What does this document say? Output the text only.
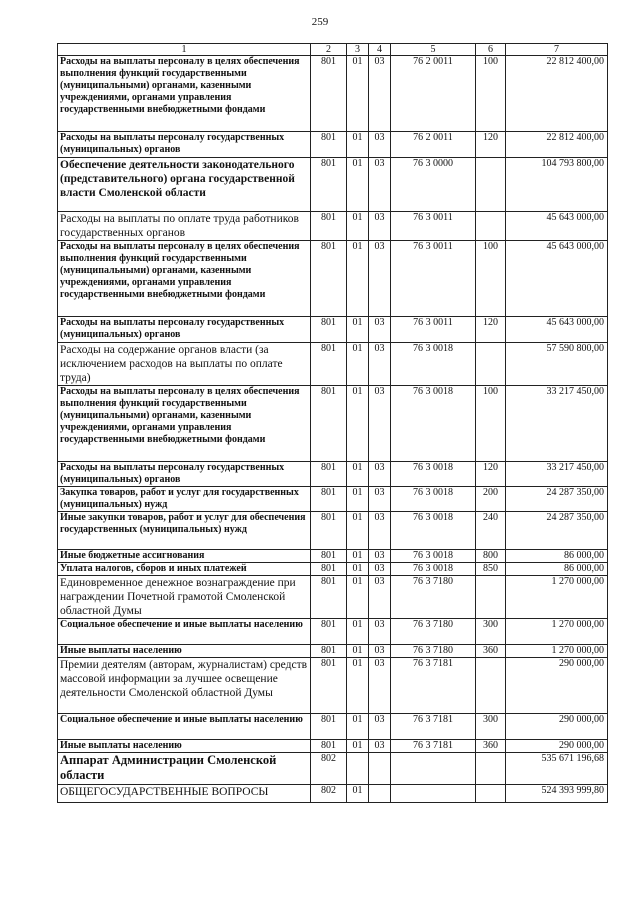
259
1	2	3	4	5	6	7
Расходы на выплаты персоналу в целях обеспечения выполнения функций государственными (муниципальными) органами, казенными учреждениями, органами управления государственными внебюджетными фондами	801	01	03	76 2 0011	100	22 812 400,00
Расходы на выплаты персоналу государственных (муниципальных) органов	801	01	03	76 2 0011	120	22 812 400,00
Обеспечение деятельности законодательного (представительного) органа государственной власти Смоленской области	801	01	03	76 3 0000		104 793 800,00
Расходы на выплаты по оплате труда работников государственных органов	801	01	03	76 3 0011		45 643 000,00
Расходы на выплаты персоналу в целях обеспечения выполнения функций государственными (муниципальными) органами, казенными учреждениями, органами управления государственными внебюджетными фондами	801	01	03	76 3 0011	100	45 643 000,00
Расходы на выплаты персоналу государственных (муниципальных) органов	801	01	03	76 3 0011	120	45 643 000,00
Расходы на содержание органов власти (за исключением расходов на выплаты по оплате труда)	801	01	03	76 3 0018		57 590 800,00
Расходы на выплаты персоналу в целях обеспечения выполнения функций государственными (муниципальными) органами, казенными учреждениями, органами управления государственными внебюджетными фондами	801	01	03	76 3 0018	100	33 217 450,00
Расходы на выплаты персоналу государственных (муниципальных) органов	801	01	03	76 3 0018	120	33 217 450,00
Закупка товаров, работ и услуг для государственных (муниципальных) нужд	801	01	03	76 3 0018	200	24 287 350,00
Иные закупки товаров, работ и услуг для обеспечения государственных (муниципальных) нужд	801	01	03	76 3 0018	240	24 287 350,00
Иные бюджетные ассигнования	801	01	03	76 3 0018	800	86 000,00
Уплата налогов, сборов и иных платежей	801	01	03	76 3 0018	850	86 000,00
Единовременное денежное вознаграждение при награждении Почетной грамотой Смоленской областной Думы	801	01	03	76 3 7180		1 270 000,00
Социальное обеспечение и иные выплаты населению	801	01	03	76 3 7180	300	1 270 000,00
Иные выплаты населению	801	01	03	76 3 7180	360	1 270 000,00
Премии деятелям (авторам, журналистам) средств массовой информации за лучшее освещение деятельности Смоленской областной Думы	801	01	03	76 3 7181		290 000,00
Социальное обеспечение и иные выплаты населению	801	01	03	76 3 7181	300	290 000,00
Иные выплаты населению	801	01	03	76 3 7181	360	290 000,00
Аппарат Администрации Смоленской области	802					535 671 196,68
ОБЩЕГОСУДАРСТВЕННЫЕ ВОПРОСЫ	802	01				524 393 999,80
